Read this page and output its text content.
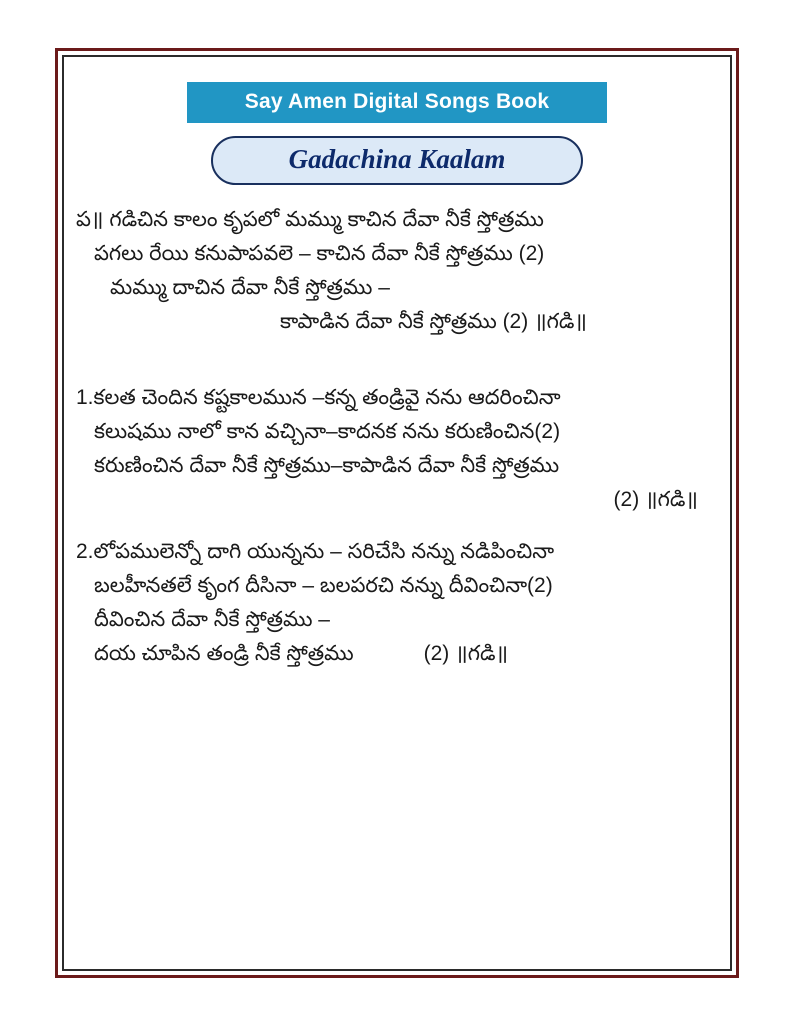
Say Amen Digital Songs Book
Gadachina Kaalam

ప॥ గడిచిన కాలం కృపలో మమ్ము కాచిన దేవా నీకే స్తోత్రము

పగలు రేయి కనుపాపవలె – కాచిన దేవా నీకే స్తోత్రము (2)

మమ్ము దాచిన దేవా నీకే స్తోత్రము –

కాపాడిన దేవా నీకే స్తోత్రము (2) ॥గడి॥

1.కలత చెందిన కష్టకాలమున –కన్న తండ్రివై నను ఆదరించినా

కలుషము నాలో కాన వచ్చినా–కాదనక నను కరుణించిన(2)

కరుణించిన దేవా నీకే స్తోత్రము–కాపాడిన దేవా నీకే స్తోత్రము

(2) ॥గడి॥

2.లోపములెన్నో దాగి యున్నను – సరిచేసి నన్ను నడిపించినా

బలహీనతలే కృంగ దీసినా – బలపరచి నన్ను దీవించినా(2)

దీవించిన దేవా నీకే స్తోత్రము –

దయ చూపిన తండ్రి నీకే స్తోత్రము            (2) ॥గడి॥
